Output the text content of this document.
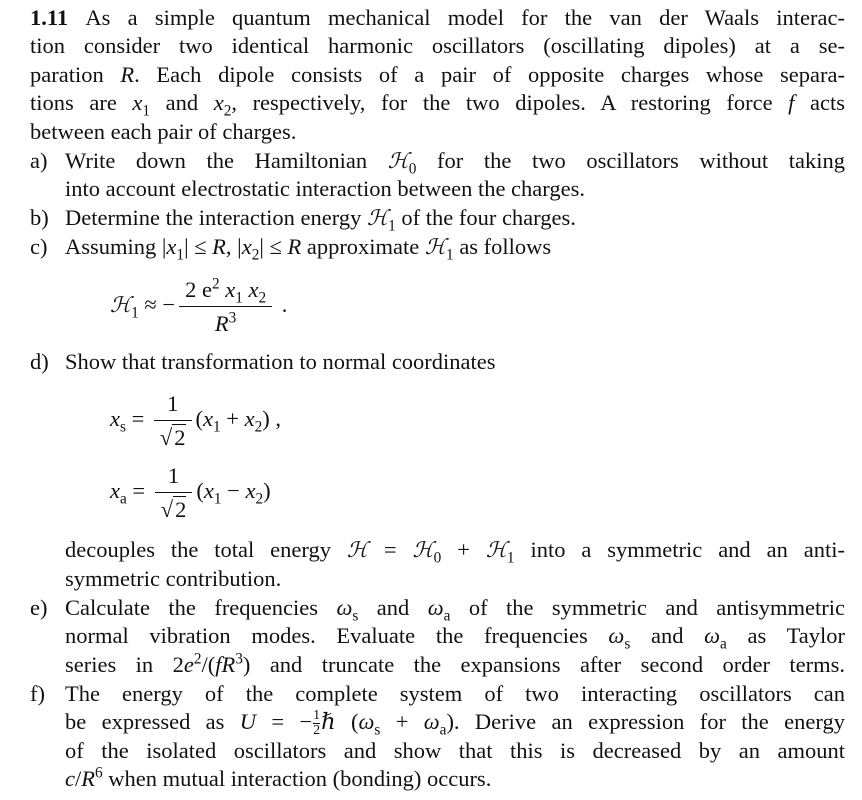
1.11 As a simple quantum mechanical model for the van der Waals interac-
tion consider two identical harmonic oscillators (oscillating dipoles) at a se-
paration R. Each dipole consists of a pair of opposite charges whose separa-
tions are $x_1$ and $x_2$, respectively, for the two dipoles. A restoring force f acts
between each pair of charges.
a) Write down the Hamiltonian ℋ$_0$ for the two oscillators without taking
into account electrostatic interaction between the charges.
b) Determine the interaction energy ℋ$_1$ of the four charges.
c) Assuming $|x_1| \le R$, $|x_2| \le R$ approximate ℋ$_1$ as follows
ℋ$_1$ ≈ − $\frac{2 e^2 x_1 x_2}{R^3}$ .
d) Show that transformation to normal coordinates
$x_s = \frac{1}{√2} (x_1 + x_2)$ ,
$x_a = \frac{1}{√2} (x_1 - x_2)$
decouples the total energy ℋ = ℋ$_0$ + ℋ$_1$ into a symmetric and an anti-
symmetric contribution.
e) Calculate the frequencies $\omega_s$ and $\omega_a$ of the symmetric and antisymmetric
normal vibration modes. Evaluate the frequencies $\omega_s$ and $\omega_a$ as Taylor
series in $2e^2/(fR^3)$ and truncate the expansions after second order terms.
f) The energy of the complete system of two interacting oscillators can
be expressed as U = − $\frac{1}{2}$ ℏ $(\omega_s + \omega_a)$. Derive an expression for the energy
of the isolated oscillators and show that this is decreased by an amount
$c/R^6$ when mutual interaction (bonding) occurs.
